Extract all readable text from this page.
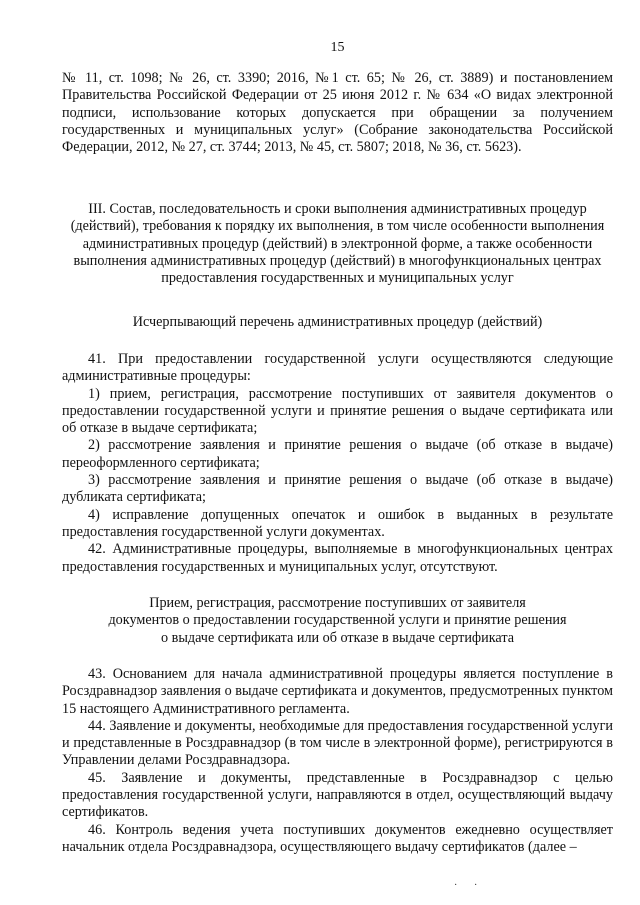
15

№ 11, ст. 1098; № 26, ст. 3390; 2016, №1 ст. 65; № 26, ст. 3889) и постановлением Правительства Российской Федерации от 25 июня 2012 г. № 634 «О видах электронной подписи, использование которых допускается при обращении за получением государственных и муниципальных услуг» (Собрание законодательства Российской Федерации, 2012, № 27, ст. 3744; 2013, № 45, ст. 5807; 2018, № 36, ст. 5623).

III. Состав, последовательность и сроки выполнения административных процедур (действий), требования к порядку их выполнения, в том числе особенности выполнения административных процедур (действий) в электронной форме, а также особенности выполнения административных процедур (действий) в многофункциональных центрах предоставления государственных и муниципальных услуг

Исчерпывающий перечень административных процедур (действий)

41. При предоставлении государственной услуги осуществляются следующие административные процедуры:

1) прием, регистрация, рассмотрение поступивших от заявителя документов о предоставлении государственной услуги и принятие решения о выдаче сертификата или об отказе в выдаче сертификата;

2) рассмотрение заявления и принятие решения о выдаче (об отказе в выдаче) переоформленного сертификата;

3) рассмотрение заявления и принятие решения о выдаче (об отказе в выдаче) дубликата сертификата;

4) исправление допущенных опечаток и ошибок в выданных в результате предоставления государственной услуги документах.

42. Административные процедуры, выполняемые в многофункциональных центрах предоставления государственных и муниципальных услуг, отсутствуют.

Прием, регистрация, рассмотрение поступивших от заявителя
документов о предоставлении государственной услуги и принятие решения
о выдаче сертификата или об отказе в выдаче сертификата

43. Основанием для начала административной процедуры является поступление в Росздравнадзор заявления о выдаче сертификата и документов, предусмотренных пунктом 15 настоящего Административного регламента.

44. Заявление и документы, необходимые для предоставления государственной услуги и представленные в Росздравнадзор (в том числе в электронной форме), регистрируются в Управлении делами Росздравнадзора.

45. Заявление и документы, представленные в Росздравнадзор с целью предоставления государственной услуги, направляются в отдел, осуществляющий выдачу сертификатов.

46. Контроль ведения учета поступивших документов ежедневно осуществляет начальник отдела Росздравнадзора, осуществляющего выдачу сертификатов (далее –

· ·
